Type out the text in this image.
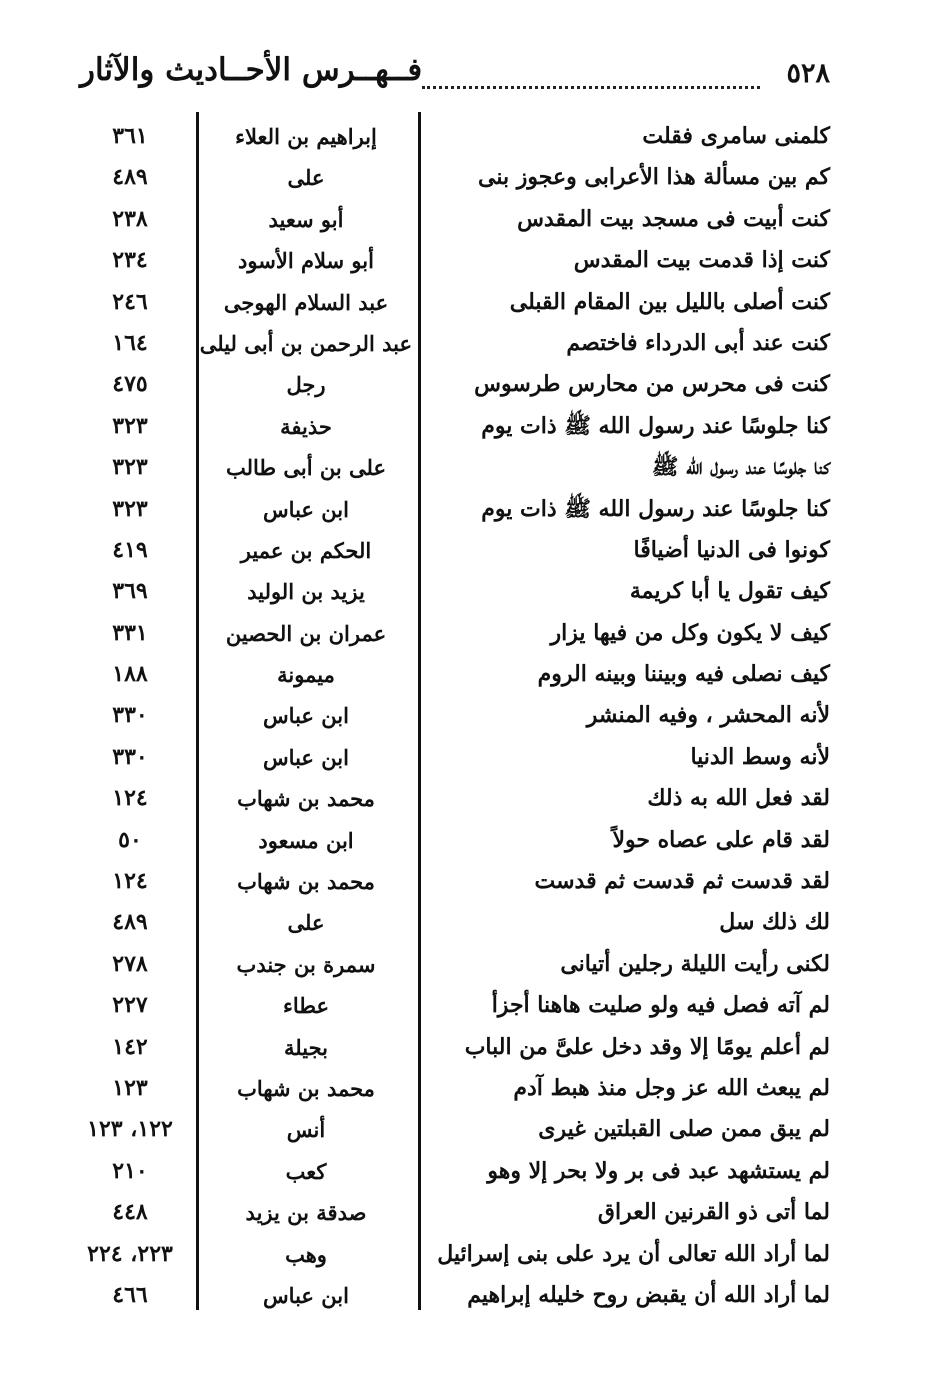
٥٢٨
فــهــرس الأحــاديث والآثار
كلمنى سامرى فقلت
إبراهيم بن العلاء
٣٦١
كم بين مسألة هذا الأعرابى وعجوز بنى
على
٤٨٩
كنت أبيت فى مسجد بيت المقدس
أبو سعيد
٢٣٨
كنت إذا قدمت بيت المقدس
أبو سلام الأسود
٢٣٤
كنت أصلى بالليل بين المقام القبلى
عبد السلام الهوجى
٢٤٦
كنت عند أبى الدرداء فاختصم
عبد الرحمن بن أبى ليلى
١٦٤
كنت فى محرس من محارس طرسوس
رجل
٤٧٥
كنا جلوسًا عند رسول الله ﷺ ذات يوم
حذيفة
٣٢٣
كنا جلوسًا عند رسول الله ﷺ
على بن أبى طالب
٣٢٣
كنا جلوسًا عند رسول الله ﷺ ذات يوم
ابن عباس
٣٢٣
كونوا فى الدنيا أضيافًا
الحكم بن عمير
٤١٩
كيف تقول يا أبا كريمة
يزيد بن الوليد
٣٦٩
كيف لا يكون وكل من فيها يزار
عمران بن الحصين
٣٣١
كيف نصلى فيه وبيننا وبينه الروم
ميمونة
١٨٨
لأنه المحشر ، وفيه المنشر
ابن عباس
٣٣٠
لأنه وسط الدنيا
ابن عباس
٣٣٠
لقد فعل الله به ذلك
محمد بن شهاب
١٢٤
لقد قام على عصاه حولاً
ابن مسعود
٥٠
لقد قدست ثم قدست ثم قدست
محمد بن شهاب
١٢٤
لك ذلك سل
على
٤٨٩
لكنى رأيت الليلة رجلين أتيانى
سمرة بن جندب
٢٧٨
لم آته فصل فيه ولو صليت هاهنا أجزأ
عطاء
٢٢٧
لم أعلم يومًا إلا وقد دخل علىَّ من الباب
بجيلة
١٤٢
لم يبعث الله عز وجل منذ هبط آدم
محمد بن شهاب
١٢٣
لم يبق ممن صلى القبلتين غيرى
أنس
١٢٢، ١٢٣
لم يستشهد عبد فى بر ولا بحر إلا وهو
كعب
٢١٠
لما أتى ذو القرنين العراق
صدقة بن يزيد
٤٤٨
لما أراد الله تعالى أن يرد على بنى إسرائيل
وهب
٢٢٣، ٢٢٤
لما أراد الله أن يقبض روح خليله إبراهيم
ابن عباس
٤٦٦
